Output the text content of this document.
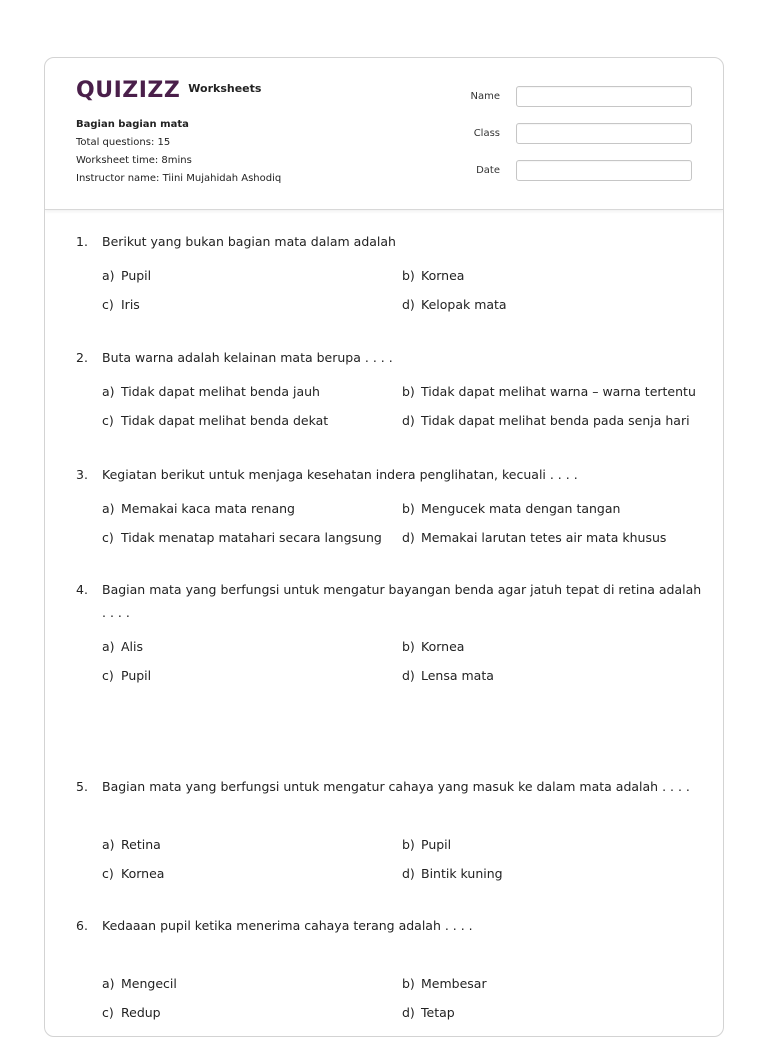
QUIZIZZ Worksheets
Bagian bagian mata
Total questions: 15
Worksheet time: 8mins
Instructor name: Tiini Mujahidah Ashodiq
Name
Class
Date
1.	Berikut yang bukan bagian mata dalam adalah
a) Pupil	b) Kornea
c) Iris	d) Kelopak mata
2.	Buta warna adalah kelainan mata berupa . . . .
a) Tidak dapat melihat benda jauh	b) Tidak dapat melihat warna – warna tertentu
c) Tidak dapat melihat benda dekat	d) Tidak dapat melihat benda pada senja hari
3.	Kegiatan berikut untuk menjaga kesehatan indera penglihatan, kecuali . . . .
a) Memakai kaca mata renang	b) Mengucek mata dengan tangan
c) Tidak menatap matahari secara langsung d) Memakai larutan tetes air mata khusus
4.	Bagian mata yang berfungsi untuk mengatur bayangan benda agar jatuh tepat di retina adalah . . . .
a) Alis	b) Kornea
c) Pupil	d) Lensa mata
5.	Bagian mata yang berfungsi untuk mengatur cahaya yang masuk ke dalam mata adalah . . . .
a) Retina	b) Pupil
c) Kornea	d) Bintik kuning
6.	Kedaaan pupil ketika menerima cahaya terang adalah . . . .
a) Mengecil	b) Membesar
c) Redup	d) Tetap
